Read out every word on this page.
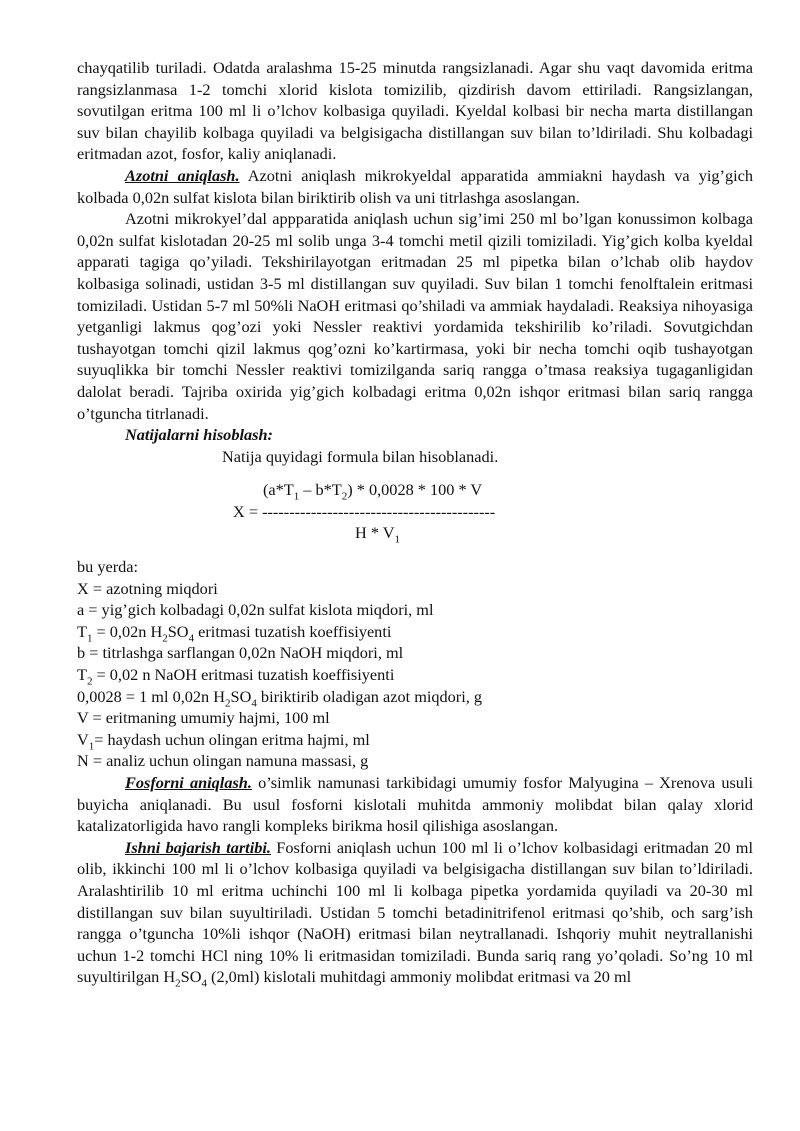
chayqatilib turiladi. Odatda aralashma 15-25 minutda rangsizlanadi. Agar shu vaqt davomida eritma rangsizlanmasa 1-2 tomchi xlorid kislota tomizilib, qizdirish davom ettiriladi. Rangsizlangan, sovutilgan eritma 100 ml li o’lchov kolbasiga quyiladi. Kyeldal kolbasi bir necha marta distillangan suv bilan chayilib kolbaga quyiladi va belgisigacha distillangan suv bilan to’ldiriladi. Shu kolbadagi eritmadan azot, fosfor, kaliy aniqlanadi.

Azotni aniqlash. Azotni aniqlash mikrokyeldal apparatida ammiakni haydash va yig’gich kolbada 0,02n sulfat kislota bilan biriktirib olish va uni titrlashga asoslangan.

Azotni mikrokyel’dal appparatida aniqlash uchun sig’imi 250 ml bo’lgan konussimon kolbaga 0,02n sulfat kislotadan 20-25 ml solib unga 3-4 tomchi metil qizili tomiziladi. Yig’gich kolba kyeldal apparati tagiga qo’yiladi. Tekshirilayotgan eritmadan 25 ml pipetka bilan o’lchab olib haydov kolbasiga solinadi, ustidan 3-5 ml distillangan suv quyiladi. Suv bilan 1 tomchi fenolftalein eritmasi tomiziladi. Ustidan 5-7 ml 50%li NaOH eritmasi qo’shiladi va ammiak haydaladi. Reaksiya nihoyasiga yetganligi lakmus qog’ozi yoki Nessler reaktivi yordamida tekshirilib ko’riladi. Sovutgichdan tushayotgan tomchi qizil lakmus qog’ozni ko’kartirmasa, yoki bir necha tomchi oqib tushayotgan suyuqlikka bir tomchi Nessler reaktivi tomizilganda sariq rangga o’tmasa reaksiya tugaganligidan dalolat beradi. Tajriba oxirida yig’gich kolbadagi eritma 0,02n ishqor eritmasi bilan sariq rangga o’tguncha titrlanadi.

Natijalarni hisoblash:

Natija quyidagi formula bilan hisoblanadi.

$(a*T_1 - b*T_2) * 0,0028 * 100$ * V
X = -------------------------------------------
H * $V_1$

bu yerda:

X = azotning miqdori

a = yig’gich kolbadagi 0,02n sulfat kislota miqdori, ml

$T_1 = 0,02n$ $H_2SO_4$ eritmasi tuzatish koeffisiyenti

b = titrlashga sarflangan 0,02n NaOH miqdori, ml

$T_2 = 0,02$ n NaOH eritmasi tuzatish koeffisiyenti

0,0028 = 1 ml 0,02n $H_2SO_4$ biriktirib oladigan azot miqdori, g

V = eritmaning umumiy hajmi, 100 ml

$V_1=$ haydash uchun olingan eritma hajmi, ml

N = analiz uchun olingan namuna massasi, g

Fosforni aniqlash. o’simlik namunasi tarkibidagi umumiy fosfor Malyugina – Xrenova usuli buyicha aniqlanadi. Bu usul fosforni kislotali muhitda ammoniy molibdat bilan qalay xlorid katalizatorligida havo rangli kompleks birikma hosil qilishiga asoslangan.

Ishni bajarish tartibi. Fosforni aniqlash uchun 100 ml li o’lchov kolbasidagi eritmadan 20 ml olib, ikkinchi 100 ml li o’lchov kolbasiga quyiladi va belgisigacha distillangan suv bilan to’ldiriladi. Aralashtirilib 10 ml eritma uchinchi 100 ml li kolbaga pipetka yordamida quyiladi va 20-30 ml distillangan suv bilan suyultiriladi. Ustidan 5 tomchi betadinitrifenol eritmasi qo’shib, och sarg’ish rangga o’tguncha 10%li ishqor (NaOH) eritmasi bilan neytrallanadi. Ishqoriy muhit neytrallanishi uchun 1-2 tomchi HCl ning 10% li eritmasidan tomiziladi. Bunda sariq rang yo’qoladi. So’ng 10 ml suyultirilgan $H_2SO_4$ (2,0ml) kislotali muhitdagi ammoniy molibdat eritmasi va 20 ml
